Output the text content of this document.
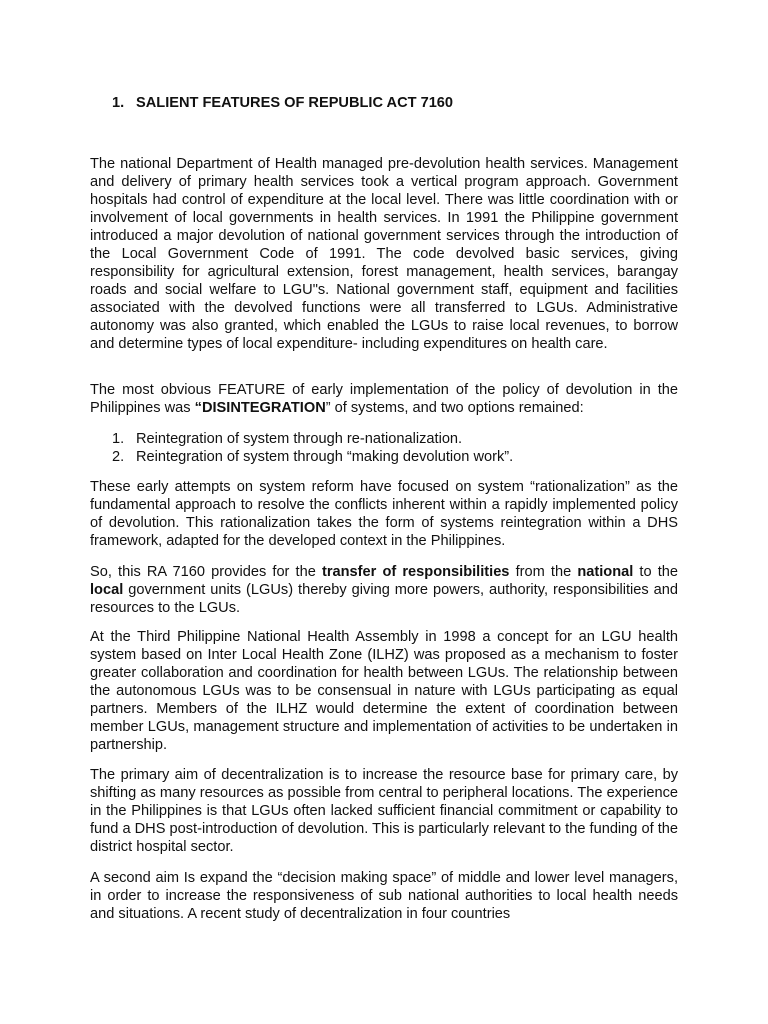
1. SALIENT FEATURES OF REPUBLIC ACT 7160

The national Department of Health managed pre-devolution health services. Management and delivery of primary health services took a vertical program approach. Government hospitals had control of expenditure at the local level. There was little coordination with or involvement of local governments in health services. In 1991 the Philippine government introduced a major devolution of national government services through the introduction of the Local Government Code of 1991. The code devolved basic services, giving responsibility for agricultural extension, forest management, health services, barangay roads and social welfare to LGU"s. National government staff, equipment and facilities associated with the devolved functions were all transferred to LGUs. Administrative autonomy was also granted, which enabled the LGUs to raise local revenues, to borrow and determine types of local expenditure- including expenditures on health care.

The most obvious FEATURE of early implementation of the policy of devolution in the Philippines was “DISINTEGRATION” of systems, and two options remained:

1. Reintegration of system through re-nationalization.
2. Reintegration of system through “making devolution work”.

These early attempts on system reform have focused on system “rationalization” as the fundamental approach to resolve the conflicts inherent within a rapidly implemented policy of devolution. This rationalization takes the form of systems reintegration within a DHS framework, adapted for the developed context in the Philippines.

So, this RA 7160 provides for the transfer of responsibilities from the national to the local government units (LGUs) thereby giving more powers, authority, responsibilities and resources to the LGUs.

At the Third Philippine National Health Assembly in 1998 a concept for an LGU health system based on Inter Local Health Zone (ILHZ) was proposed as a mechanism to foster greater collaboration and coordination for health between LGUs. The relationship between the autonomous LGUs was to be consensual in nature with LGUs participating as equal partners. Members of the ILHZ would determine the extent of coordination between member LGUs, management structure and implementation of activities to be undertaken in partnership.

The primary aim of decentralization is to increase the resource base for primary care, by shifting as many resources as possible from central to peripheral locations. The experience in the Philippines is that LGUs often lacked sufficient financial commitment or capability to fund a DHS post-introduction of devolution. This is particularly relevant to the funding of the district hospital sector.

A second aim Is expand the “decision making space” of middle and lower level managers, in order to increase the responsiveness of sub national authorities to local health needs and situations. A recent study of decentralization in four countries
